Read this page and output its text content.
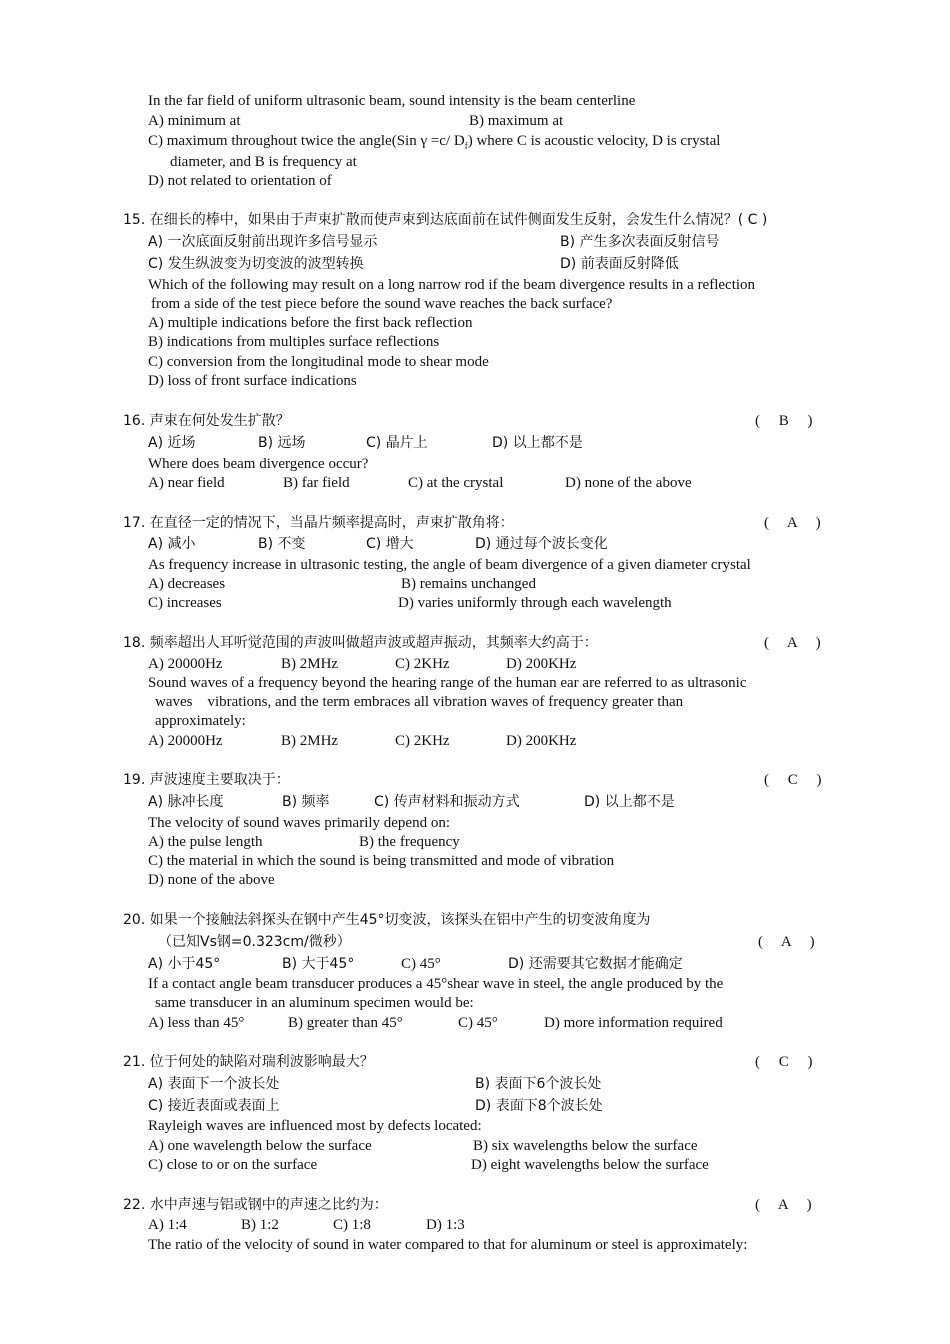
In the far field of uniform ultrasonic beam, sound intensity is the beam centerline
A) minimum at	B) maximum at
C) maximum throughout twice the angle(Sin γ =c/ $D_f$) where C is acoustic velocity, D is crystal
diameter, and B is frequency at
D) not related to orientation of
15. 在细长的棒中，如果由于声束扩散而使声束到达底面前在试件侧面发生反射，会发生什么情况？( C )
A) 一次底面反射前出现许多信号显示	B) 产生多次表面反射信号
C) 发生纵波变为切变波的波型转换	D) 前表面反射降低
Which of the following may result on a long narrow rod if the beam divergence results in a reflection
from a side of the test piece before the sound wave reaches the back surface?
A) multiple indications before the first back reflection
B) indications from multiples surface reflections
C) conversion from the longitudinal mode to shear mode
D) loss of front surface indications
16. 声束在何处发生扩散？	(     B     )
A) 近场	B) 远场	C) 晶片上	D) 以上都不是
Where does beam divergence occur?
A) near field	B) far field	C) at the crystal	D) none of the above
17. 在直径一定的情况下，当晶片频率提高时，声束扩散角将：	(     A     )
A) 减小	B) 不变	C) 增大	D) 通过每个波长变化
As frequency increase in ultrasonic testing, the angle of beam divergence of a given diameter crystal
A) decreases	B) remains unchanged
C) increases	D) varies uniformly through each wavelength
18. 频率超出人耳听觉范围的声波叫做超声波或超声振动，其频率大约高于：	(     A     )
A) 20000Hz	B) 2MHz	C) 2KHz	D) 200KHz
Sound waves of a frequency beyond the hearing range of the human ear are referred to as ultrasonic
waves    vibrations, and the term embraces all vibration waves of frequency greater than
approximately:
A) 20000Hz	B) 2MHz	C) 2KHz	D) 200KHz
19. 声波速度主要取决于：	(     C     )
A) 脉冲长度	B) 频率	C) 传声材料和振动方式	D) 以上都不是
The velocity of sound waves primarily depend on:
A) the pulse length	B) the frequency
C) the material in which the sound is being transmitted and mode of vibration
D) none of the above
20. 如果一个接触法斜探头在钢中产生45°切变波，该探头在铝中产生的切变波角度为
（已知Vs钢=0.323cm/微秒）	(     A     )
A) 小于45°	B) 大于45°	C) 45°	D) 还需要其它数据才能确定
If a contact angle beam transducer produces a 45°shear wave in steel, the angle produced by the
same transducer in an aluminum specimen would be:
A) less than 45°	B) greater than 45°	C) 45°	D) more information required
21. 位于何处的缺陷对瑞利波影响最大？	(     C     )
A) 表面下一个波长处	B) 表面下6个波长处
C) 接近表面或表面上	D) 表面下8个波长处
Rayleigh waves are influenced most by defects located:
A) one wavelength below the surface	B) six wavelengths below the surface
C) close to or on the surface	D) eight wavelengths below the surface
22. 水中声速与铝或钢中的声速之比约为：	(     A     )
A) 1:4	B) 1:2	C) 1:8	D) 1:3
The ratio of the velocity of sound in water compared to that for aluminum or steel is approximately:
